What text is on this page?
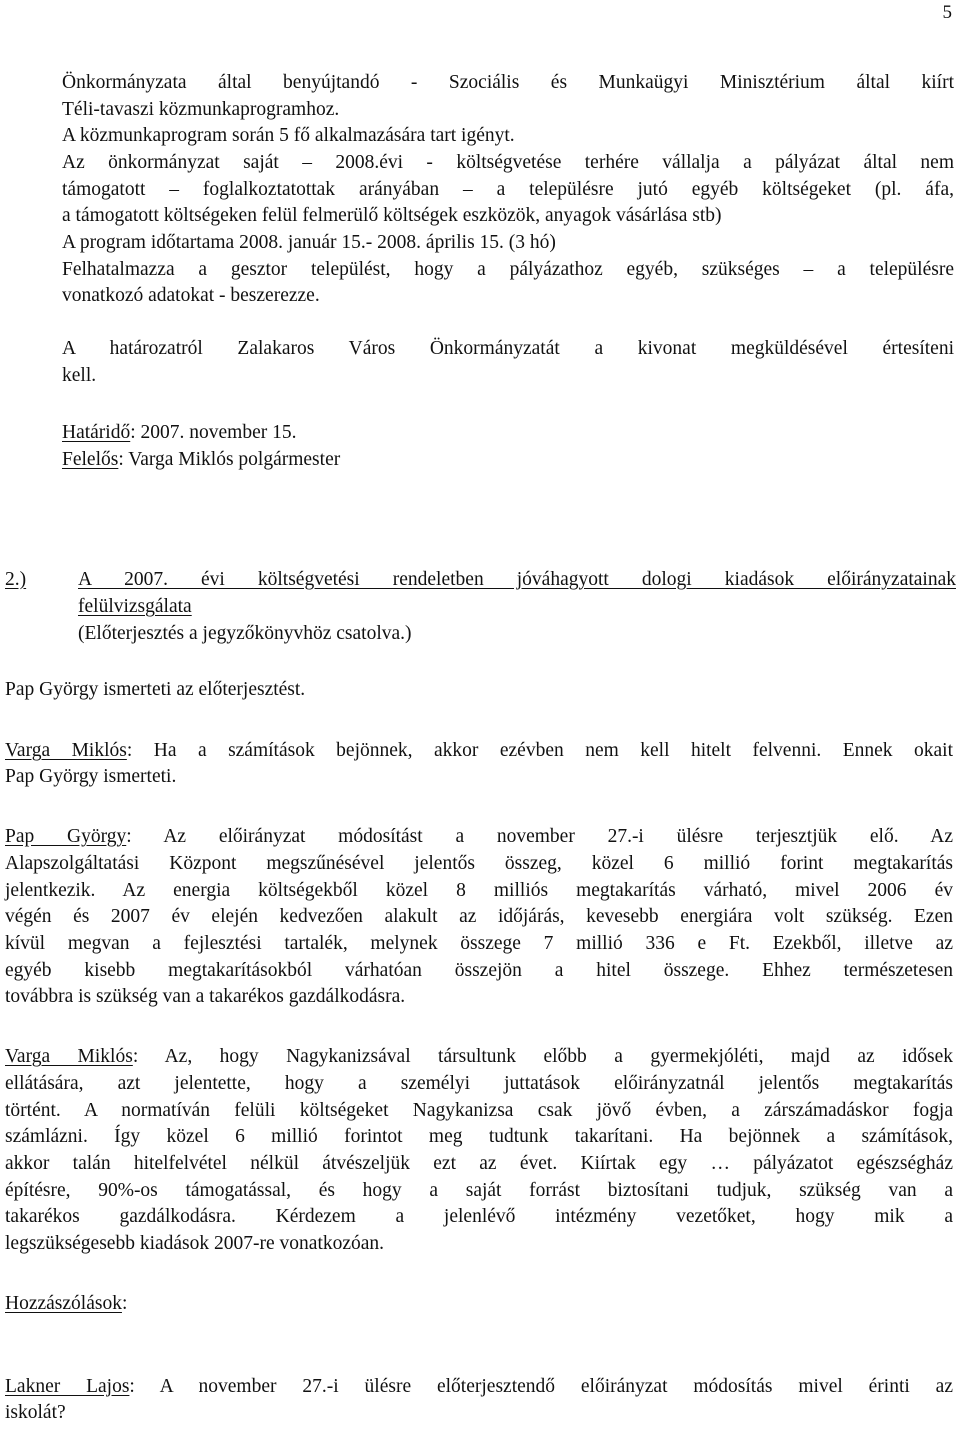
5
Önkormányzata által benyújtandó - Szociális és Munkaügyi Minisztérium által kiírt
Téli-tavaszi közmunkaprogramhoz.
A közmunkaprogram során 5 fő alkalmazására tart igényt.
Az önkormányzat saját – 2008.évi - költségvetése terhére vállalja a pályázat által nem
támogatott – foglalkoztatottak arányában – a településre jutó egyéb költségeket (pl. áfa,
a támogatott költségeken felül felmerülő költségek eszközök, anyagok vásárlása stb)
A program időtartama 2008. január 15.- 2008. április 15. (3 hó)
Felhatalmazza a gesztor települést, hogy a pályázathoz egyéb, szükséges – a településre
vonatkozó adatokat - beszerezze.
A határozatról Zalakaros Város Önkormányzatát a kivonat megküldésével értesíteni
kell.
Határidő: 2007. november 15.
Felelős: Varga Miklós polgármester
2.)	A 2007. évi költségvetési rendeletben jóváhagyott dologi kiadások előirányzatainak
felülvizsgálata
(Előterjesztés a jegyzőkönyvhöz csatolva.)
Pap György ismerteti az előterjesztést.
Varga Miklós: Ha a számítások bejönnek, akkor ezévben nem kell hitelt felvenni. Ennek okait
Pap György ismerteti.
Pap György: Az előirányzat módosítást a november 27.-i ülésre terjesztjük elő. Az
Alapszolgáltatási Központ megszűnésével jelentős összeg, közel 6 millió forint megtakarítás
jelentkezik. Az energia költségekből közel 8 milliós megtakarítás várható, mivel 2006 év
végén és 2007 év elején kedvezően alakult az időjárás, kevesebb energiára volt szükség. Ezen
kívül megvan a fejlesztési tartalék, melynek összege 7 millió 336 e Ft. Ezekből, illetve az
egyéb kisebb megtakarításokból várhatóan összejön a hitel összege. Ehhez természetesen
továbbra is szükség van a takarékos gazdálkodásra.
Varga Miklós: Az, hogy Nagykanizsával társultunk előbb a gyermekjóléti, majd az idősek
ellátására, azt jelentette, hogy a személyi juttatások előirányzatnál jelentős megtakarítás
történt. A normatíván felüli költségeket Nagykanizsa csak jövő évben, a zárszámadáskor fogja
számlázni. Így közel 6 millió forintot meg tudtunk takarítani. Ha bejönnek a számítások,
akkor talán hitelfelvétel nélkül átvészeljük ezt az évet. Kiírtak egy … pályázatot egészségház
építésre, 90%-os támogatással, és hogy a saját forrást biztosítani tudjuk, szükség van a
takarékos gazdálkodásra. Kérdezem a jelenlévő intézmény vezetőket, hogy mik a
legszükségesebb kiadások 2007-re vonatkozóan.
Hozzászólások:
Lakner Lajos: A november 27.-i ülésre előterjesztendő előirányzat módosítás mivel érinti az
iskolát?
